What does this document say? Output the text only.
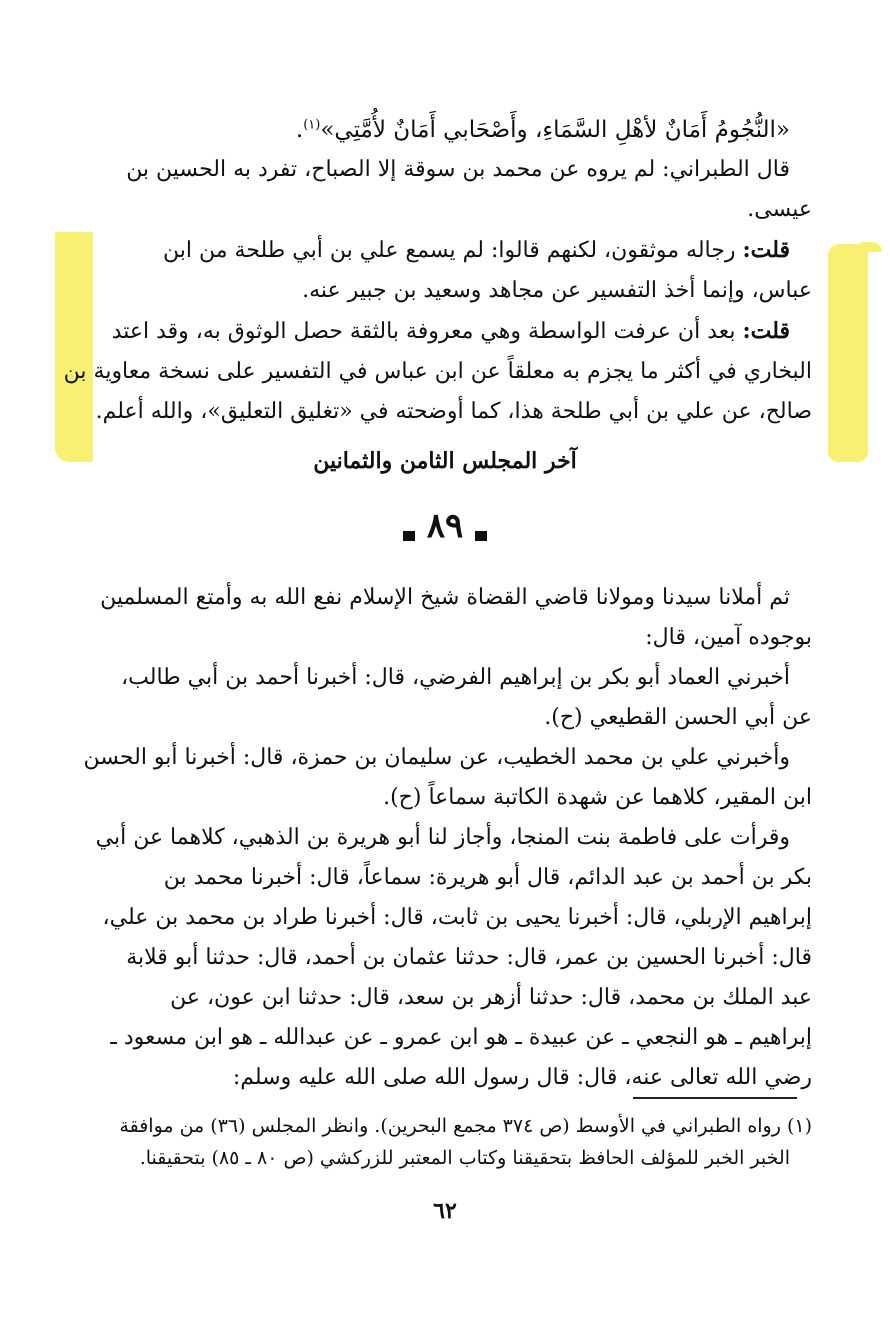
«النُّجُومُ أَمَانٌ لأهْلِ السَّمَاءِ، وأَصْحَابي أَمَانٌ لأُمَّتِي»$^{(١)}$.
قال الطبراني: لم يروه عن محمد بن سوقة إلا الصباح، تفرد به الحسين بن
عيسى.
قلت: رجاله موثقون، لكنهم قالوا: لم يسمع علي بن أبي طلحة من ابن
عباس، وإنما أخذ التفسير عن مجاهد وسعيد بن جبير عنه.
قلت: بعد أن عرفت الواسطة وهي معروفة بالثقة حصل الوثوق به، وقد اعتد
البخاري في أكثر ما يجزم به معلقاً عن ابن عباس في التفسير على نسخة معاوية بن
صالح، عن علي بن أبي طلحة هذا، كما أوضحته في «تغليق التعليق»، والله أعلم.
آخر المجلس الثامن والثمانين
٨٩
ثم أملانا سيدنا ومولانا قاضي القضاة شيخ الإسلام نفع الله به وأمتع المسلمين
بوجوده آمين، قال:
أخبرني العماد أبو بكر بن إبراهيم الفرضي، قال: أخبرنا أحمد بن أبي طالب،
عن أبي الحسن القطيعي (ح).
وأخبرني علي بن محمد الخطيب، عن سليمان بن حمزة، قال: أخبرنا أبو الحسن
ابن المقير، كلاهما عن شهدة الكاتبة سماعاً (ح).
وقرأت على فاطمة بنت المنجا، وأجاز لنا أبو هريرة بن الذهبي، كلاهما عن أبي
بكر بن أحمد بن عبد الدائم، قال أبو هريرة: سماعاً، قال: أخبرنا محمد بن
إبراهيم الإربلي، قال: أخبرنا يحيى بن ثابت، قال: أخبرنا طراد بن محمد بن علي،
قال: أخبرنا الحسين بن عمر، قال: حدثنا عثمان بن أحمد، قال: حدثنا أبو قلابة
عبد الملك بن محمد، قال: حدثنا أزهر بن سعد، قال: حدثنا ابن عون، عن
إبراهيم ـ هو النجعي ـ عن عبيدة ـ هو ابن عمرو ـ عن عبدالله ـ هو ابن مسعود ـ
رضي الله تعالى عنه، قال: قال رسول الله صلى الله عليه وسلم:
(١) رواه الطبراني في الأوسط (ص ٣٧٤ مجمع البحرين). وانظر المجلس (٣٦) من موافقة
الخبر الخبر للمؤلف الحافظ بتحقيقنا وكتاب المعتبر للزركشي (ص ٨٠ ـ ٨٥) بتحقيقنا.
٦٢
